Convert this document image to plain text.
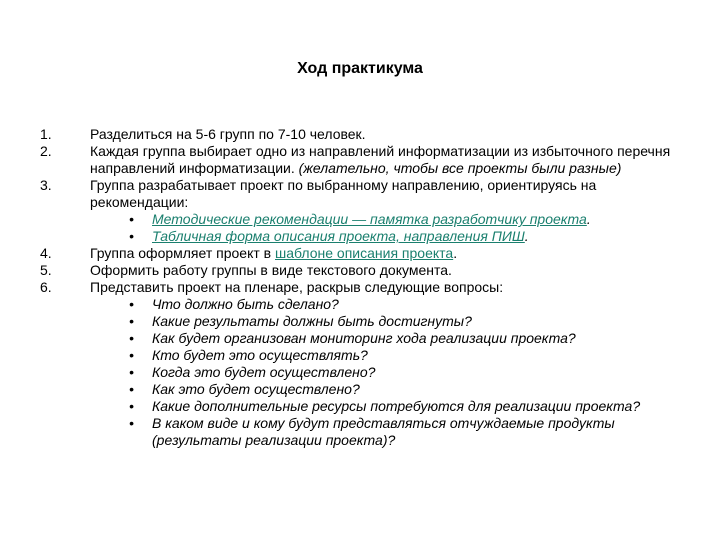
Ход практикума
1.	Разделиться на 5-6 групп по 7-10 человек.
2.	Каждая группа выбирает одно из направлений информатизации из избыточного перечня направлений информатизации. (желательно, чтобы все проекты были разные)
3.	Группа разрабатывает проект по выбранному направлению, ориентируясь на рекомендации:
•	Методические рекомендации — памятка разработчику проекта.
•	Табличная форма описания проекта, направления ПИШ.
4.	Группа оформляет проект в шаблоне описания проекта.
5.	Оформить работу группы в виде текстового документа.
6.	Представить проект на пленаре, раскрыв следующие вопросы:
•	Что должно быть сделано?
•	Какие результаты должны быть достигнуты?
•	Как будет организован мониторинг хода реализации проекта?
•	Кто будет это осуществлять?
•	Когда это будет осуществлено?
•	Как это будет осуществлено?
•	Какие дополнительные ресурсы потребуются для реализации проекта?
•	В каком виде и кому будут представляться отчуждаемые продукты (результаты реализации проекта)?
